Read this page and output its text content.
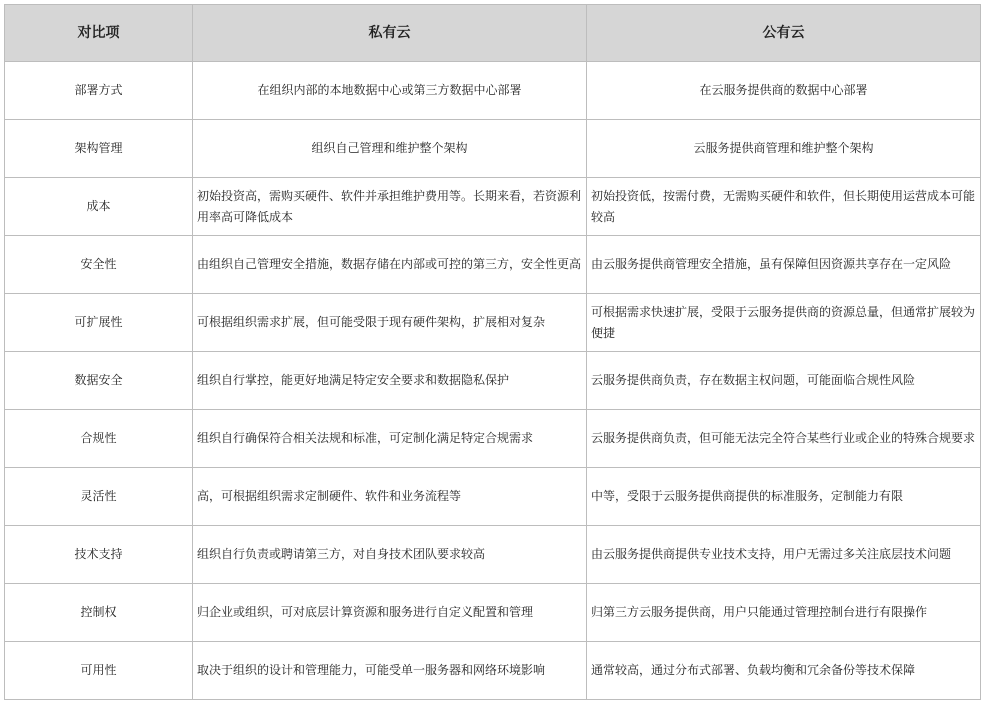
对比项	私有云	公有云
部署方式	在组织内部的本地数据中心或第三方数据中心部署	在云服务提供商的数据中心部署
架构管理	组织自己管理和维护整个架构	云服务提供商管理和维护整个架构
成本	初始投资高，需购买硬件、软件并承担维护费用等。长期来看，若资源利用率高可降低成本	初始投资低，按需付费，无需购买硬件和软件，但长期使用运营成本可能较高
安全性	由组织自己管理安全措施，数据存储在内部或可控的第三方，安全性更高	由云服务提供商管理安全措施，虽有保障但因资源共享存在一定风险
可扩展性	可根据组织需求扩展，但可能受限于现有硬件架构，扩展相对复杂	可根据需求快速扩展，受限于云服务提供商的资源总量，但通常扩展较为便捷
数据安全	组织自行掌控，能更好地满足特定安全要求和数据隐私保护	云服务提供商负责，存在数据主权问题，可能面临合规性风险
合规性	组织自行确保符合相关法规和标准，可定制化满足特定合规需求	云服务提供商负责，但可能无法完全符合某些行业或企业的特殊合规要求
灵活性	高，可根据组织需求定制硬件、软件和业务流程等	中等，受限于云服务提供商提供的标准服务，定制能力有限
技术支持	组织自行负责或聘请第三方，对自身技术团队要求较高	由云服务提供商提供专业技术支持，用户无需过多关注底层技术问题
控制权	归企业或组织，可对底层计算资源和服务进行自定义配置和管理	归第三方云服务提供商，用户只能通过管理控制台进行有限操作
可用性	取决于组织的设计和管理能力，可能受单一服务器和网络环境影响	通常较高，通过分布式部署、负载均衡和冗余备份等技术保障
